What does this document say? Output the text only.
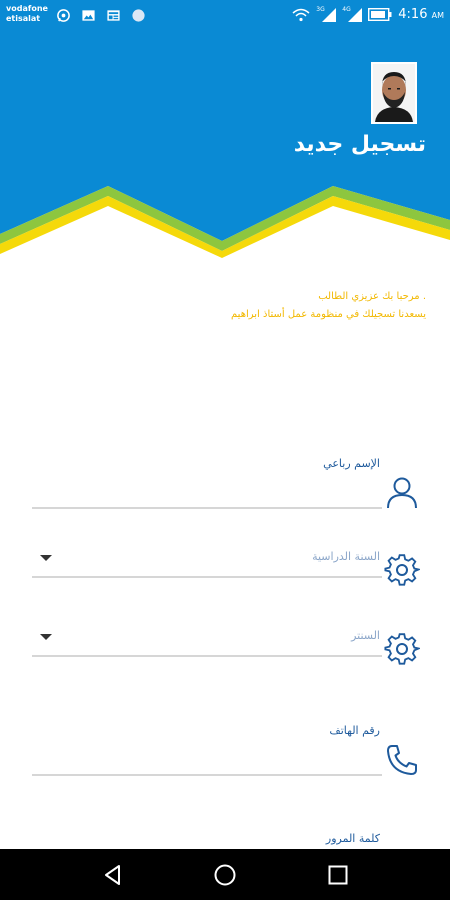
vodafone
etisalat
3G	4G	4:16 AM
تسجيل جديد
. مرحبا بك عزيزي الطالب
يسعدنا تسجيلك في منظومة عمل أستاذ ابراهيم
الإسم رباعي
السنة الدراسية
السنتر
رقم الهاتف
كلمة المرور
